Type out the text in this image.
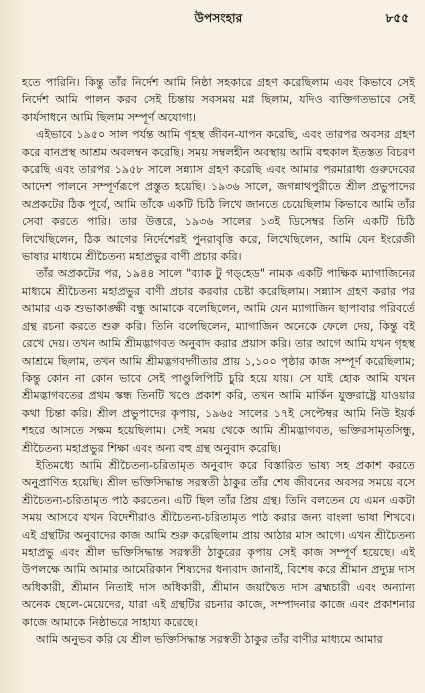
উপসংহার	৮৫৫

হতে পারিনি। কিন্তু তাঁর নির্দেশ আমি নিষ্ঠা সহকারে গ্রহণ করেছিলাম এবং কিভাবে সেই নির্দেশ আমি পালন করব সেই চিন্তায় সবসময় মগ্ন ছিলাম, যদিও ব্যক্তিগতভাবে সেই কার্যসাধনে আমি ছিলাম সম্পূর্ণ অযোগ্য।

এইভাবে ১৯৫০ সাল পর্যন্ত আমি গৃহস্থ জীবন-যাপন করেছি, এবং তারপর অবসর গ্রহণ করে বানপ্রস্থ আশ্রম অবলম্বন করেছি। সময় সম্বলহীন অবস্থায় আমি বহুকাল ইতস্তত বিচরণ করেছি এবং তারপর ১৯৫৮ সালে সন্ন্যাস গ্রহণ করেছি এবং আমার পরমারাধ্য গুরুদেবের আদেশ পালনে সম্পূর্ণরূপে প্রস্তুত হয়েছি। ১৯৩৬ সালে, জগন্নাথপুরীতে শ্রীল প্রভুপাদের অপ্রকটের ঠিক পূর্বে, আমি তাঁকে একটি চিঠি লিখে জানতে চেয়েছিলাম কিভাবে আমি তাঁর সেবা করতে পারি। তার উত্তরে, ১৯৩৬ সালের ১৩ই ডিসেম্বর তিনি একটি চিঠি লিখেছিলেন, ঠিক আগের নির্দেশেরই পুনরাবৃত্তি করে, লিখেছিলেন, আমি যেন ইংরেজী ভাষার মাধ্যমে শ্রীচৈতন্য মহাপ্রভুর বাণী প্রচার করি।

তাঁর অপ্রকটের পর, ১৯৪৪ সালে "ব্যাক টু গড্‌হেড" নামক একটি পাক্ষিক ম্যাগাজিনের মাধ্যমে শ্রীচৈতন্য মহাপ্রভুর বাণী প্রচার করবার চেষ্টা করেছিলাম। সন্ন্যাস গ্রহণ করার পর আমার এক শুভাকাঙ্ক্ষী বন্ধু আমাকে বলেছিলেন, আমি যেন ম্যাগাজিন ছাপাবার পরিবর্তে গ্রন্থ রচনা করতে শুরু করি। তিনি বলেছিলেন, ম্যাগাজিন অনেকে ফেলে দেয়, কিন্তু বই রেখে দেয়। তখন আমি শ্রীমদ্ভাগবত অনুবাদ করার প্রয়াস করি। তার আগে আমি যখন গৃহস্থ আশ্রমে ছিলাম, তখন আমি শ্রীমদ্ভগবদ্গীতার প্রায় ১,১০০ পৃষ্ঠার কাজ সম্পূর্ণ করেছিলাম; কিন্তু কোন না কোন ভাবে সেই পাণ্ডুলিপিটি চুরি হয়ে যায়। সে যাই হোক আমি যখন শ্রীমদ্ভাগবতের প্রথম স্কন্ধ তিনটি খণ্ডে প্রকাশ করি, তখন আমি মার্কিন যুক্তরাষ্ট্রে যাওয়ার কথা চিন্তা করি। শ্রীল প্রভুপাদের কৃপায়, ১৯৬৫ সালের ১৭ই সেপ্টেম্বর আমি নিউ ইয়র্ক শহরে আসতে সক্ষম হয়েছিলাম। সেই সময় থেকে আমি শ্রীমদ্ভাগবত, ভক্তিরসামৃতসিন্ধু, শ্রীচৈতন্য মহাপ্রভুর শিক্ষা এবং অন্য বহু গ্রন্থ অনুবাদ করেছি।

ইতিমধ্যে আমি শ্রীচৈতন্য-চরিতামৃত অনুবাদ করে বিস্তারিত ভাষ্য সহ প্রকাশ করতে অনুপ্রাণিত হয়েছি। শ্রীল ভক্তিসিদ্ধান্ত সরস্বতী ঠাকুর তাঁর শেষ জীবনের অবসর সময়ে বসে শ্রীচৈতন্য-চরিতামৃত পাঠ করতেন। এটি ছিল তাঁর প্রিয় গ্রন্থ। তিনি বলতেন যে এমন একটা সময় আসবে যখন বিদেশীরাও শ্রীচৈতন্য-চরিতামৃত পাঠ করার জন্য বাংলা ভাষা শিখবে। এই গ্রন্থটির অনুবাদের কাজ আমি শুরু করেছিলাম প্রায় আঠার মাস আগে। এখন শ্রীচৈতন্য মহাপ্রভু এবং শ্রীল ভক্তিসিদ্ধান্ত সরস্বতী ঠাকুরের কৃপায় সেই কাজ সম্পূর্ণ হয়েছে। এই উপলক্ষে আমি আমার আমেরিকান শিষ্যদের ধন্যবাদ জানাই, বিশেষ করে শ্রীমান প্রদ্যুম্ন দাস অধিকারী, শ্রীমান নিতাই দাস অধিকারী, শ্রীমান জয়াদ্বৈত দাস ব্রহ্মচারী এবং অন্যান্য অনেক ছেলে-মেয়েদের, যারা এই গ্রন্থটির রচনার কাজে, সম্পাদনার কাজে এবং প্রকাশনার কাজে আমাকে নিষ্ঠাভরে সাহায্য করেছে।

আমি অনুভব করি যে শ্রীল ভক্তিসিদ্ধান্ত সরস্বতী ঠাকুর তাঁর বাণীর মাধ্যমে আমার
